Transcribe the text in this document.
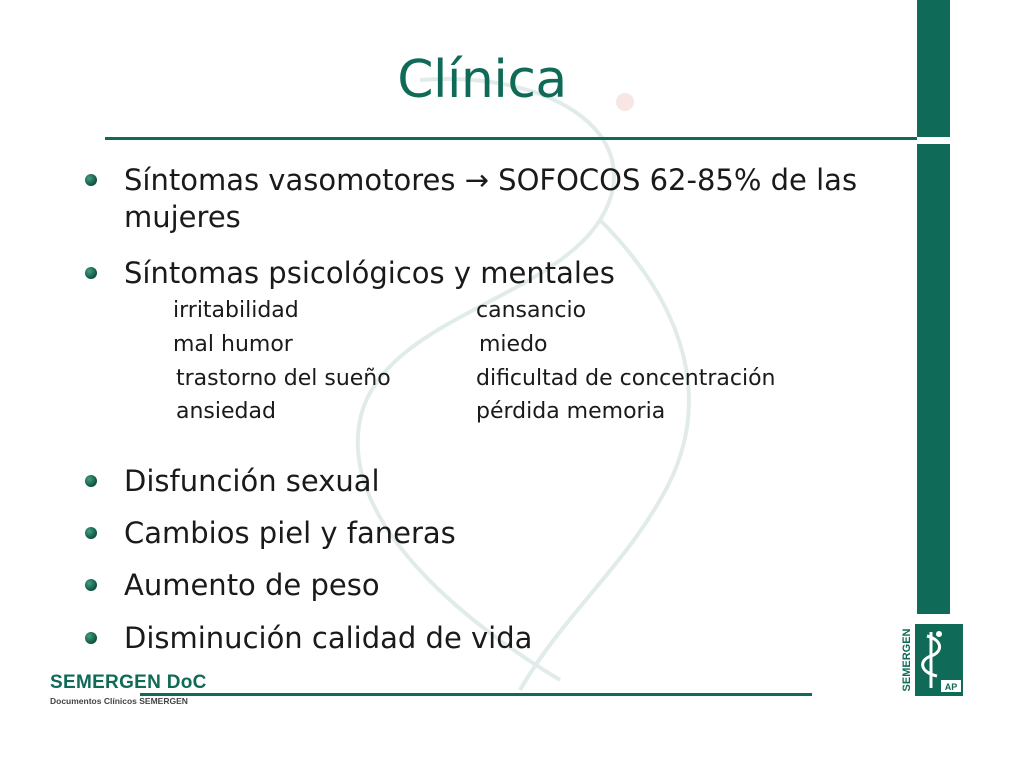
Clínica
Síntomas vasomotores → SOFOCOS 62-85% de las mujeres
Síntomas psicológicos y mentales
Disfunción sexual
Cambios piel y faneras
Aumento de peso
Disminución calidad de vida
irritabilidad
mal humor
trastorno del sueño
ansiedad
cansancio
miedo
dificultad de concentración
pérdida memoria
SEMERGEN DoC
Documentos Clínicos SEMERGEN
SEMERGEN	AP
